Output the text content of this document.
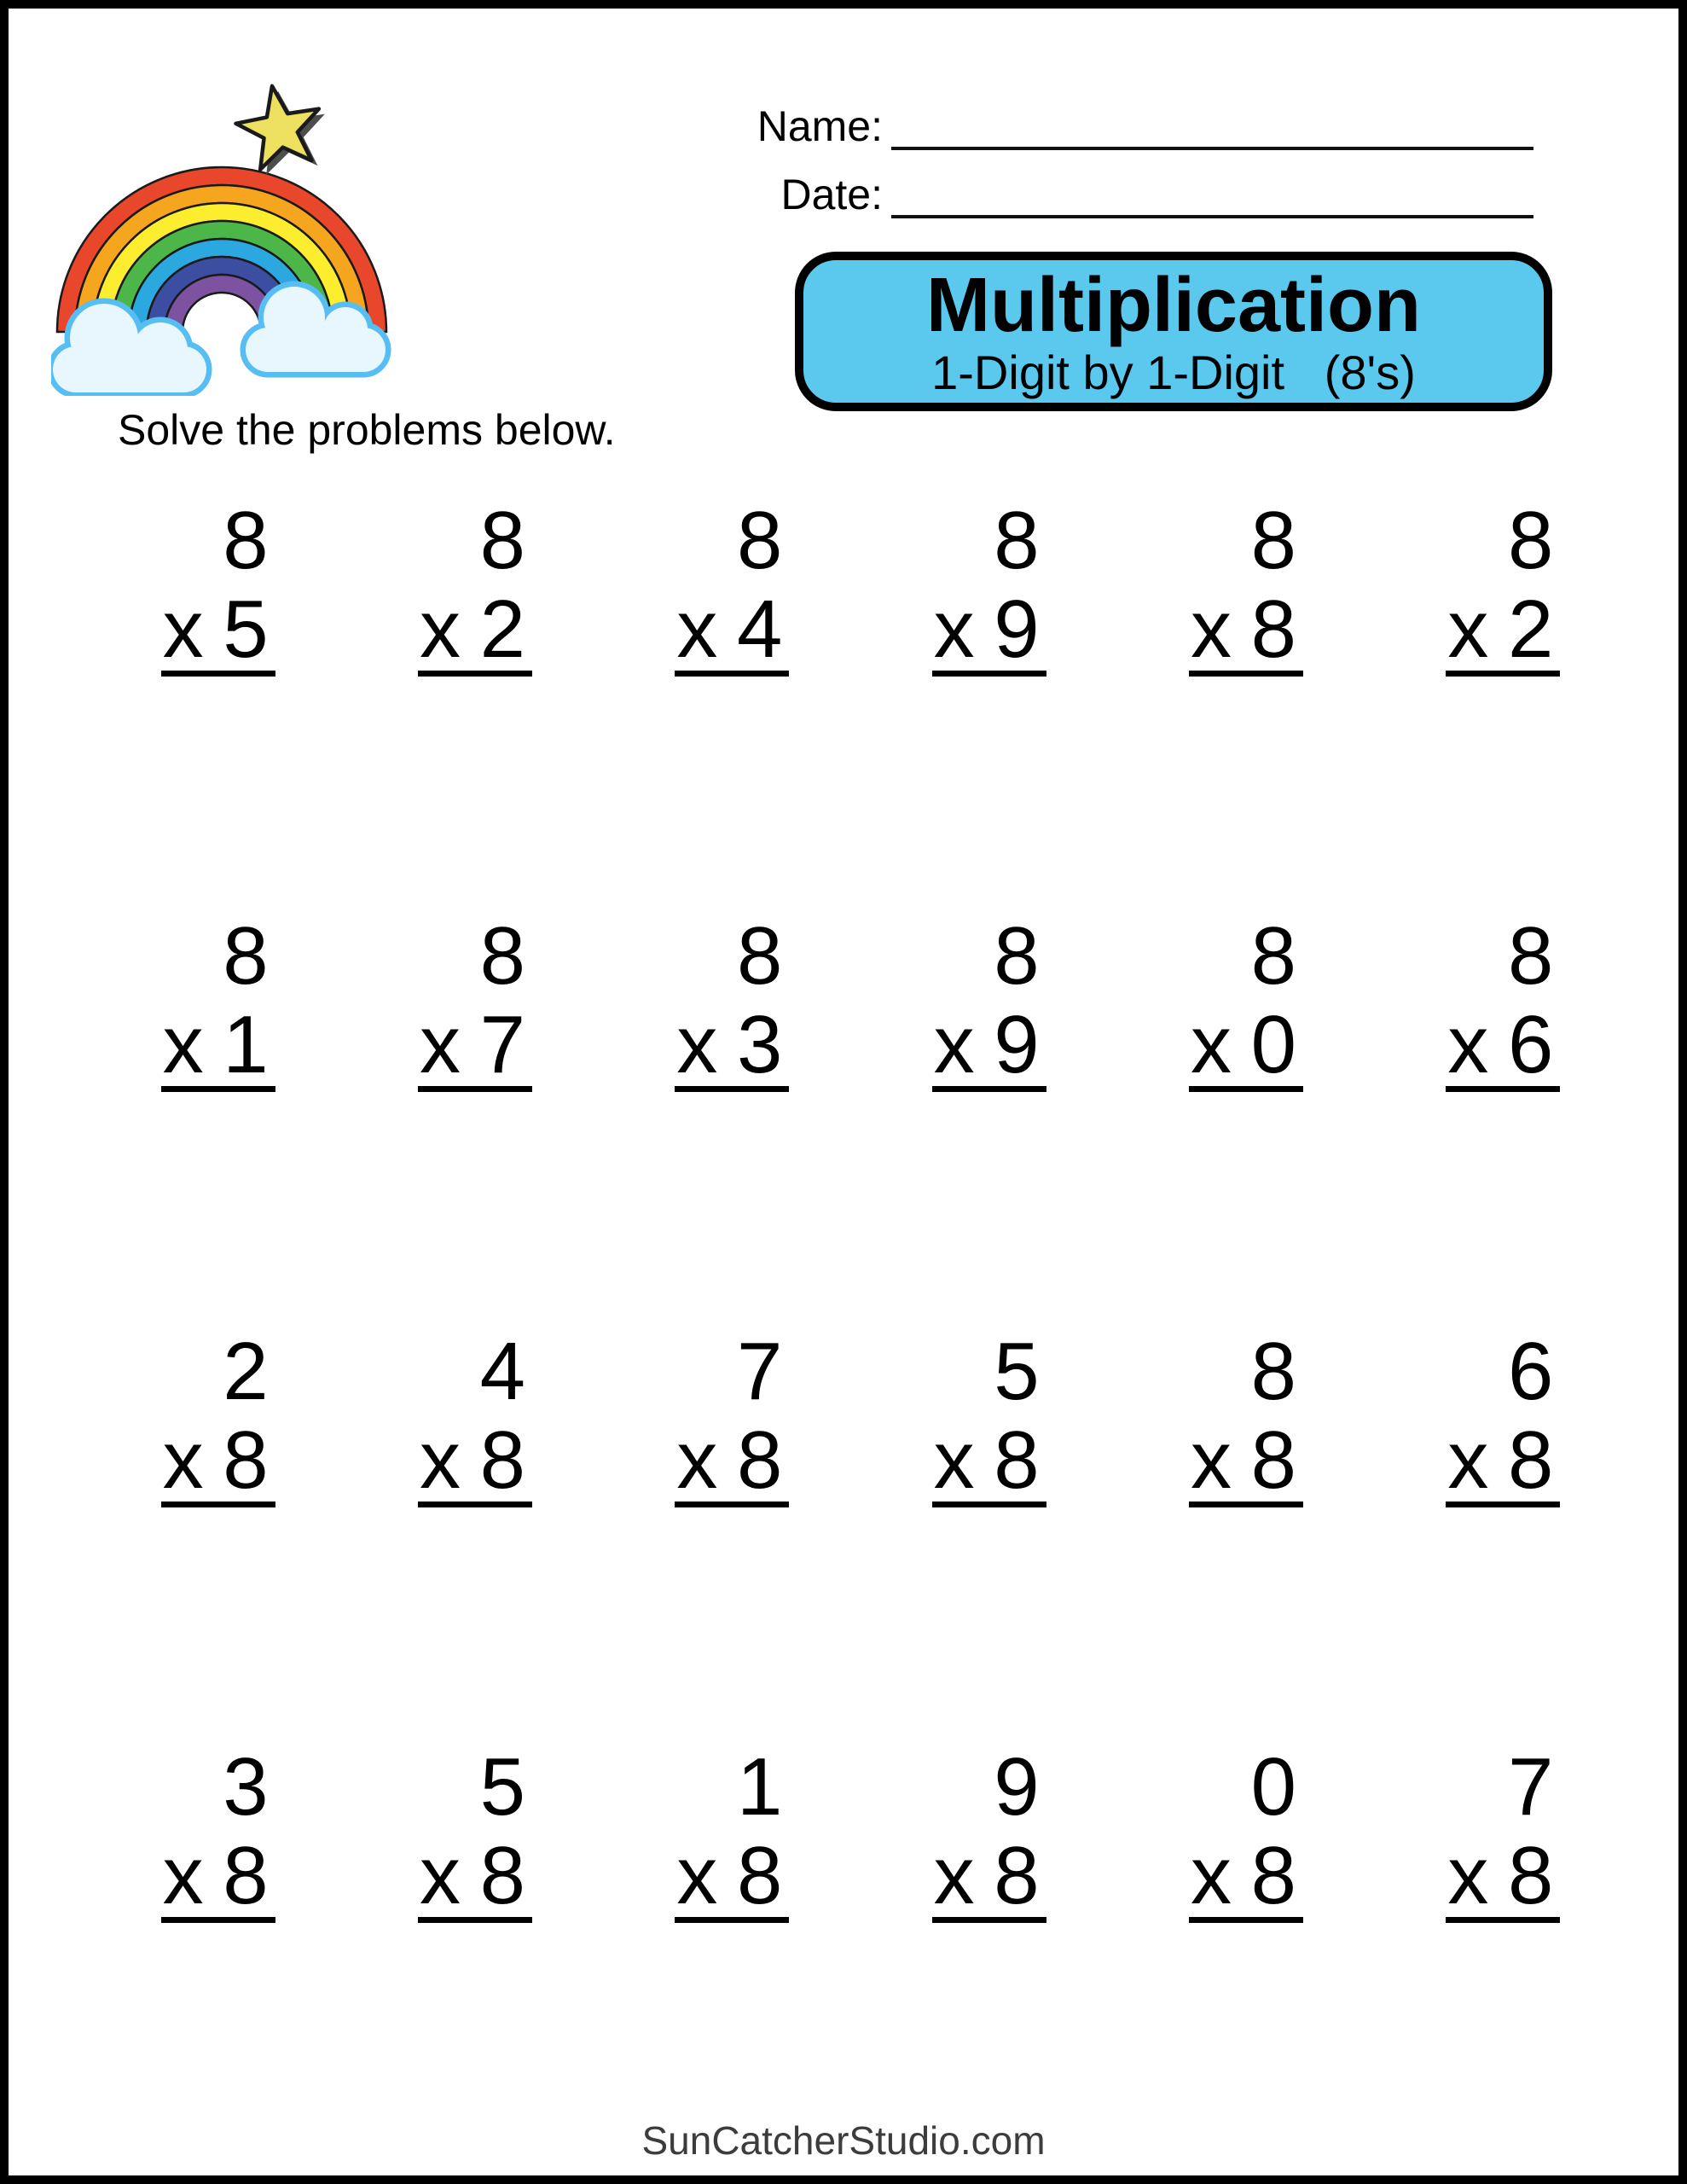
Solve the problems below.
Name:
Date:
Multiplication
1-Digit by 1-Digit   (8's)
8
x 5
8
x 2
8
x 4
8
x 9
8
x 8
8
x 2
8
x 1
8
x 7
8
x 3
8
x 9
8
x 0
8
x 6
2
x 8
4
x 8
7
x 8
5
x 8
8
x 8
6
x 8
3
x 8
5
x 8
1
x 8
9
x 8
0
x 8
7
x 8
SunCatcherStudio.com
